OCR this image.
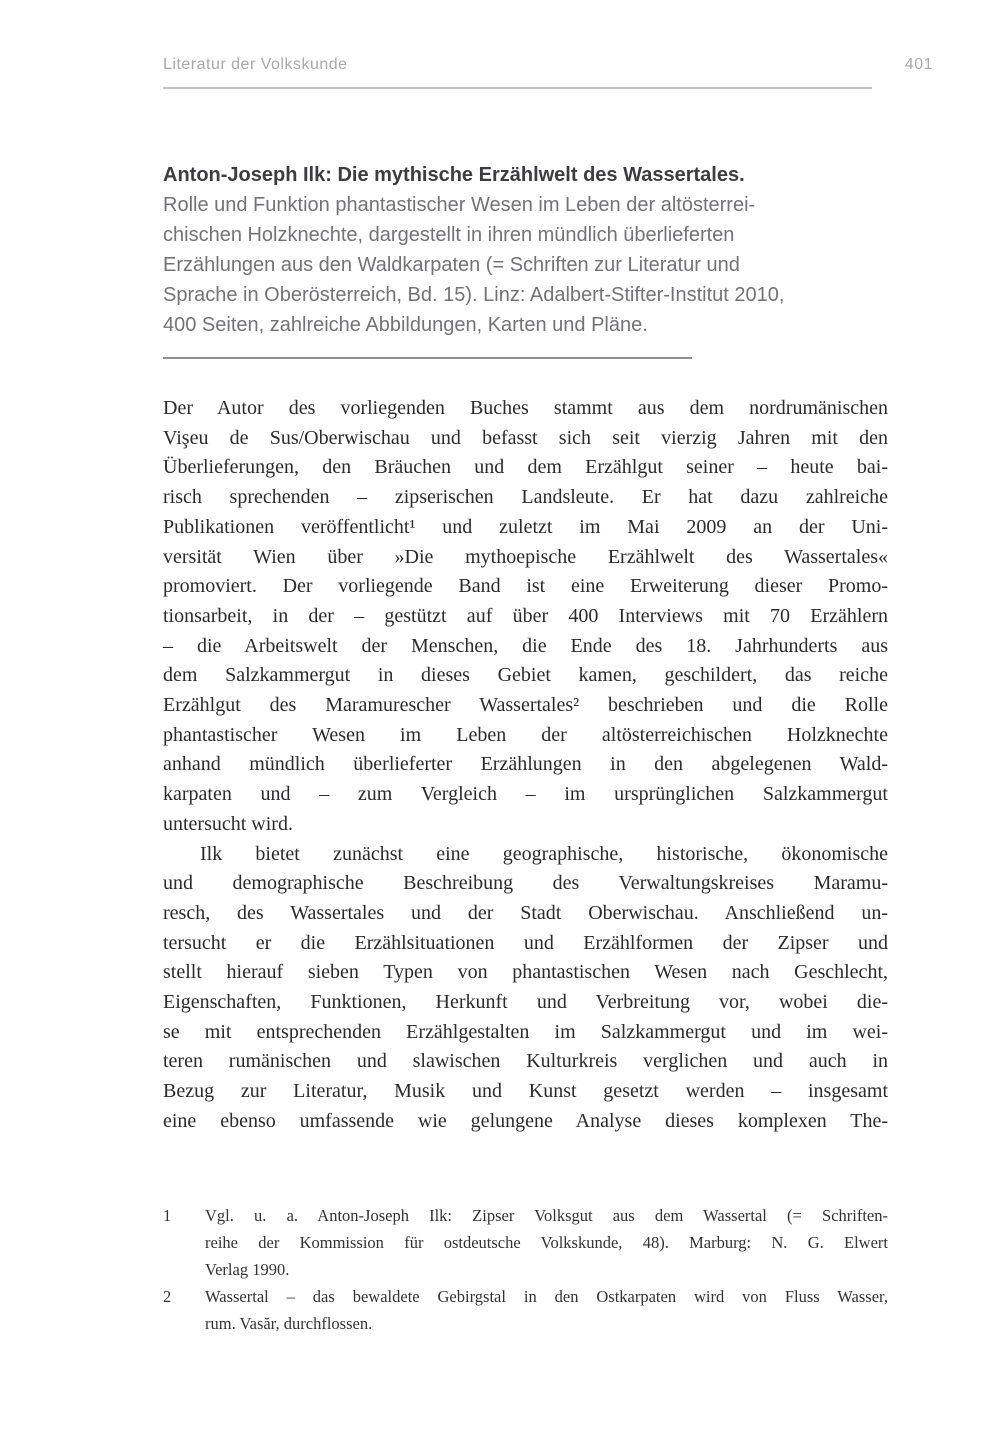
Literatur der Volkskunde	401
Anton-Joseph Ilk: Die mythische Erzählwelt des Wassertales.
Rolle und Funktion phantastischer Wesen im Leben der altösterrei-
chischen Holzknechte, dargestellt in ihren mündlich überlieferten
Erzählungen aus den Waldkarpaten (= Schriften zur Literatur und
Sprache in Oberösterreich, Bd. 15). Linz: Adalbert-Stifter-Institut 2010,
400 Seiten, zahlreiche Abbildungen, Karten und Pläne.
Der Autor des vorliegenden Buches stammt aus dem nordrumänischen
Vişeu de Sus/Oberwischau und befasst sich seit vierzig Jahren mit den
Überlieferungen, den Bräuchen und dem Erzählgut seiner – heute bai-
risch sprechenden – zipserischen Landsleute. Er hat dazu zahlreiche
Publikationen veröffentlicht¹ und zuletzt im Mai 2009 an der Uni-
versität Wien über »Die mythoepische Erzählwelt des Wassertales«
promoviert. Der vorliegende Band ist eine Erweiterung dieser Promo-
tionsarbeit, in der – gestützt auf über 400 Interviews mit 70 Erzählern
– die Arbeitswelt der Menschen, die Ende des 18. Jahrhunderts aus
dem Salzkammergut in dieses Gebiet kamen, geschildert, das reiche
Erzählgut des Maramurescher Wassertales² beschrieben und die Rolle
phantastischer Wesen im Leben der altösterreichischen Holzknechte
anhand mündlich überlieferter Erzählungen in den abgelegenen Wald-
karpaten und – zum Vergleich – im ursprünglichen Salzkammergut
untersucht wird.
Ilk bietet zunächst eine geographische, historische, ökonomische
und demographische Beschreibung des Verwaltungskreises Maramu-
resch, des Wassertales und der Stadt Oberwischau. Anschließend un-
tersucht er die Erzählsituationen und Erzählformen der Zipser und
stellt hierauf sieben Typen von phantastischen Wesen nach Geschlecht,
Eigenschaften, Funktionen, Herkunft und Verbreitung vor, wobei die-
se mit entsprechenden Erzählgestalten im Salzkammergut und im wei-
teren rumänischen und slawischen Kulturkreis verglichen und auch in
Bezug zur Literatur, Musik und Kunst gesetzt werden – insgesamt
eine ebenso umfassende wie gelungene Analyse dieses komplexen The-
1	Vgl. u. a. Anton-Joseph Ilk: Zipser Volksgut aus dem Wassertal (= Schriften-
reihe der Kommission für ostdeutsche Volkskunde, 48). Marburg: N. G. Elwert
Verlag 1990.
2	Wassertal – das bewaldete Gebirgstal in den Ostkarpaten wird von Fluss Wasser,
rum. Vasăr, durchflossen.
